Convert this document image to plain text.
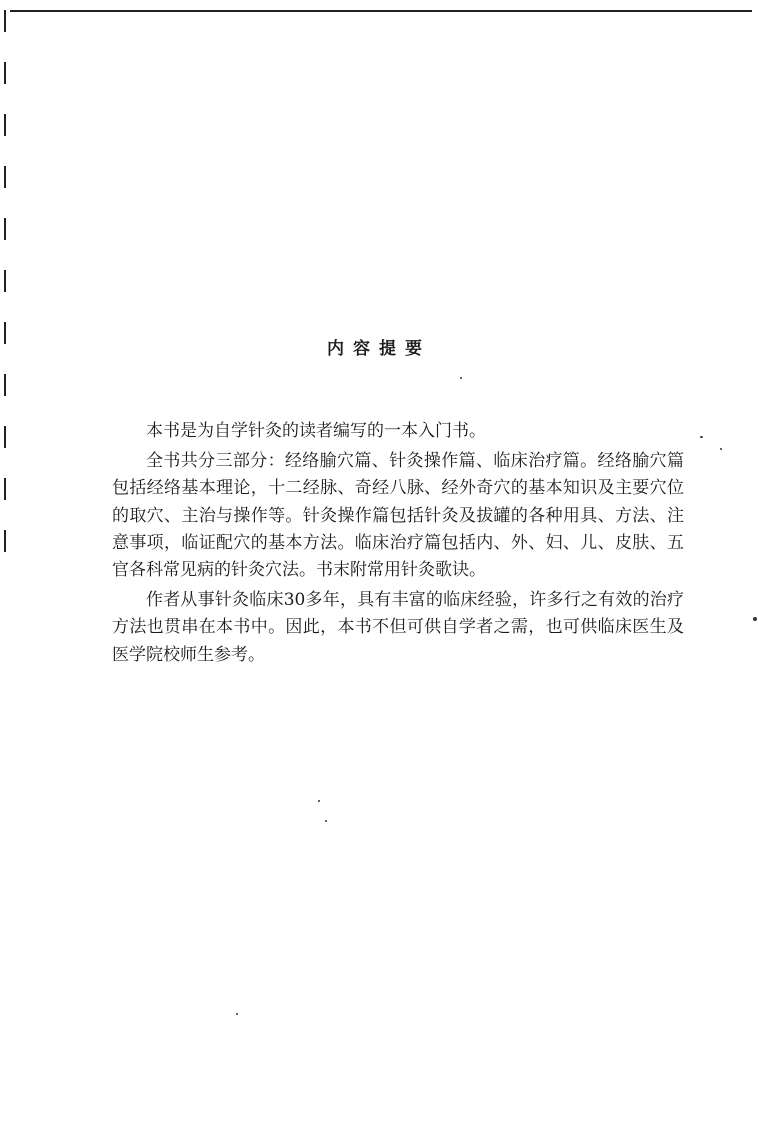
内容提要

本书是为自学针灸的读者编写的一本入门书。

全书共分三部分：经络腧穴篇、针灸操作篇、临床治疗篇。经络腧穴篇包括经络基本理论，十二经脉、奇经八脉、经外奇穴的基本知识及主要穴位的取穴、主治与操作等。针灸操作篇包括针灸及拔罐的各种用具、方法、注意事项，临证配穴的基本方法。临床治疗篇包括内、外、妇、儿、皮肤、五官各科常见病的针灸穴法。书末附常用针灸歌诀。

作者从事针灸临床30多年，具有丰富的临床经验，许多行之有效的治疗方法也贯串在本书中。因此，本书不但可供自学者之需，也可供临床医生及医学院校师生参考。
